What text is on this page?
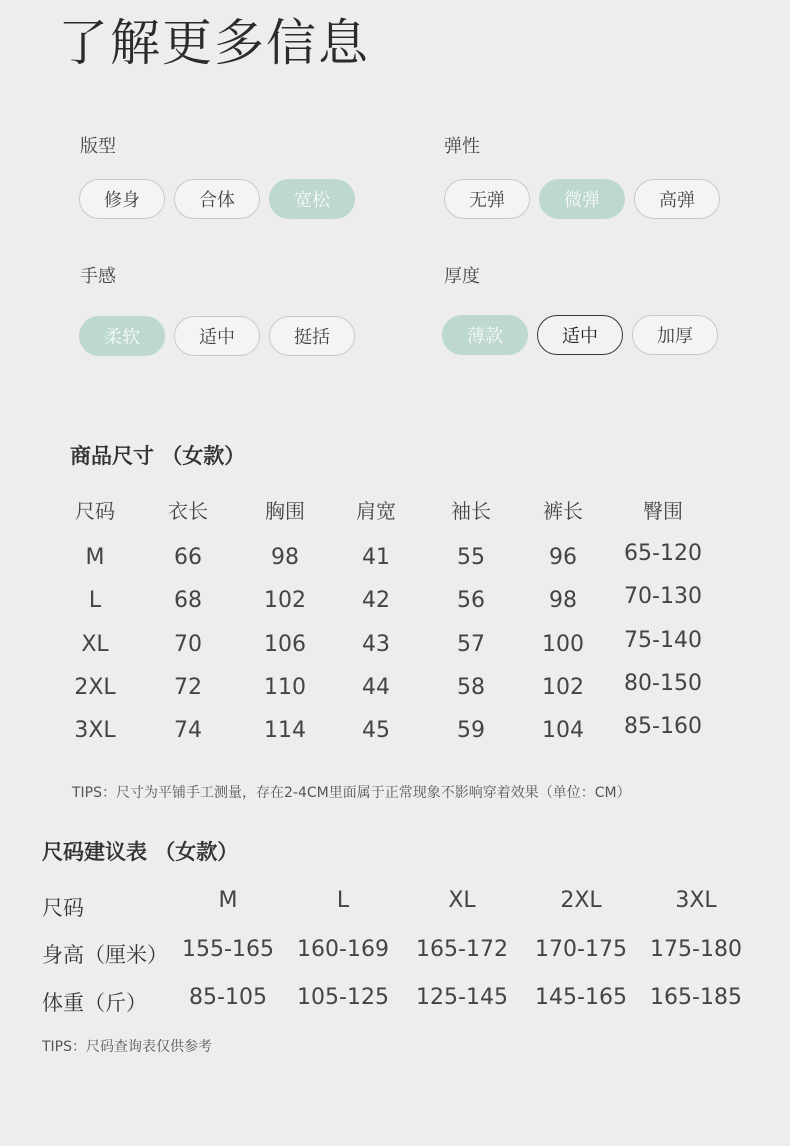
了解更多信息
版型
修身	合体	宽松
弹性
无弹	微弹	高弹
手感
柔软	适中	挺括
厚度
薄款	适中	加厚
商品尺寸 （女款）
尺码	衣长	胸围	肩宽	袖长	裤长	臀围
M	66	98	41	55	96 65-120
L	68	102	42	56	98 70-130
XL	70	106	43	57	100 75-140
2XL	72	110	44	58	102 80-150
3XL	74	114	45	59	104 85-160
TIPS：尺寸为平铺手工测量，存在2-4CM里面属于正常现象不影响穿着效果（单位：CM）
尺码建议表 （女款）
尺码	M	L	XL	2XL	3XL
身高（厘米） 155-165 160-169 165-172 170-175 175-180
体重（斤） 85-105 105-125 125-145 145-165 165-185
TIPS：尺码查询表仅供参考
